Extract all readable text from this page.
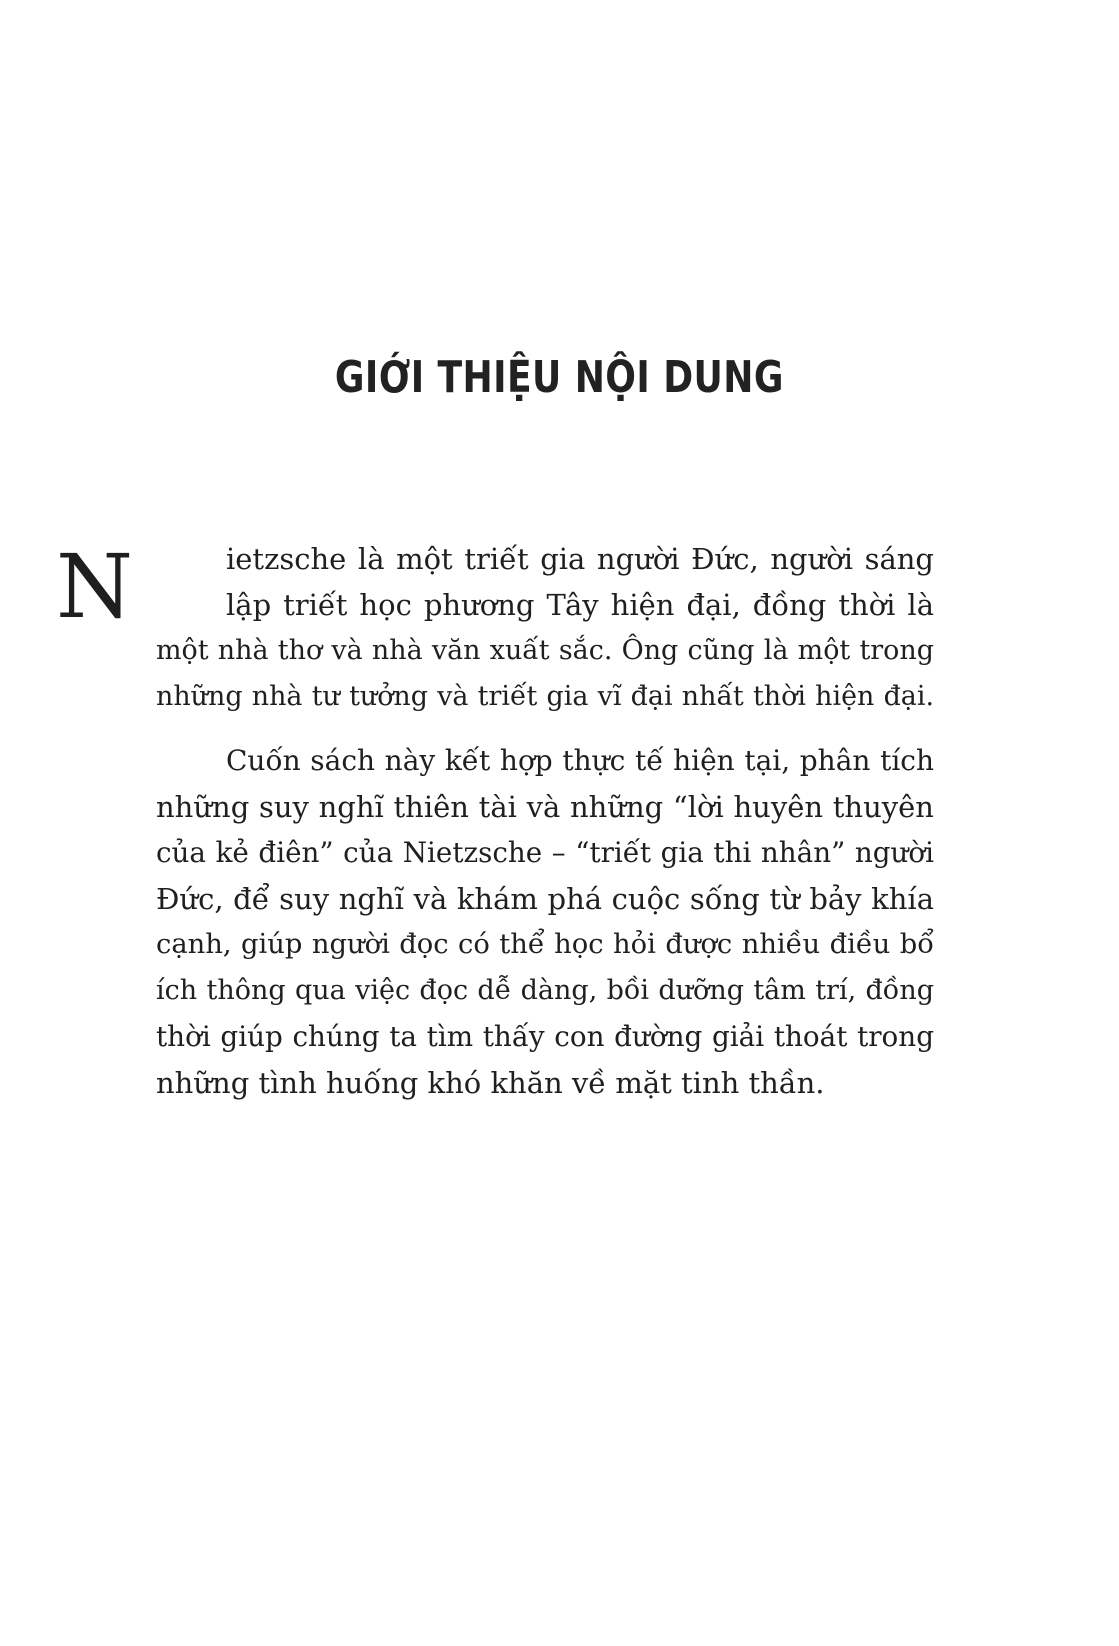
GIỚI THIỆU NỘI DUNG
N	ietzsche là một triết gia người Đức, người sáng
lập triết học phương Tây hiện đại, đồng thời là
một nhà thơ và nhà văn xuất sắc. Ông cũng là một trong
những nhà tư tưởng và triết gia vĩ đại nhất thời hiện đại.
Cuốn sách này kết hợp thực tế hiện tại, phân tích
những suy nghĩ thiên tài và những “lời huyên thuyên
của kẻ điên” của Nietzsche – “triết gia thi nhân” người
Đức, để suy nghĩ và khám phá cuộc sống từ bảy khía
cạnh, giúp người đọc có thể học hỏi được nhiều điều bổ
ích thông qua việc đọc dễ dàng, bồi dưỡng tâm trí, đồng
thời giúp chúng ta tìm thấy con đường giải thoát trong
những tình huống khó khăn về mặt tinh thần.
